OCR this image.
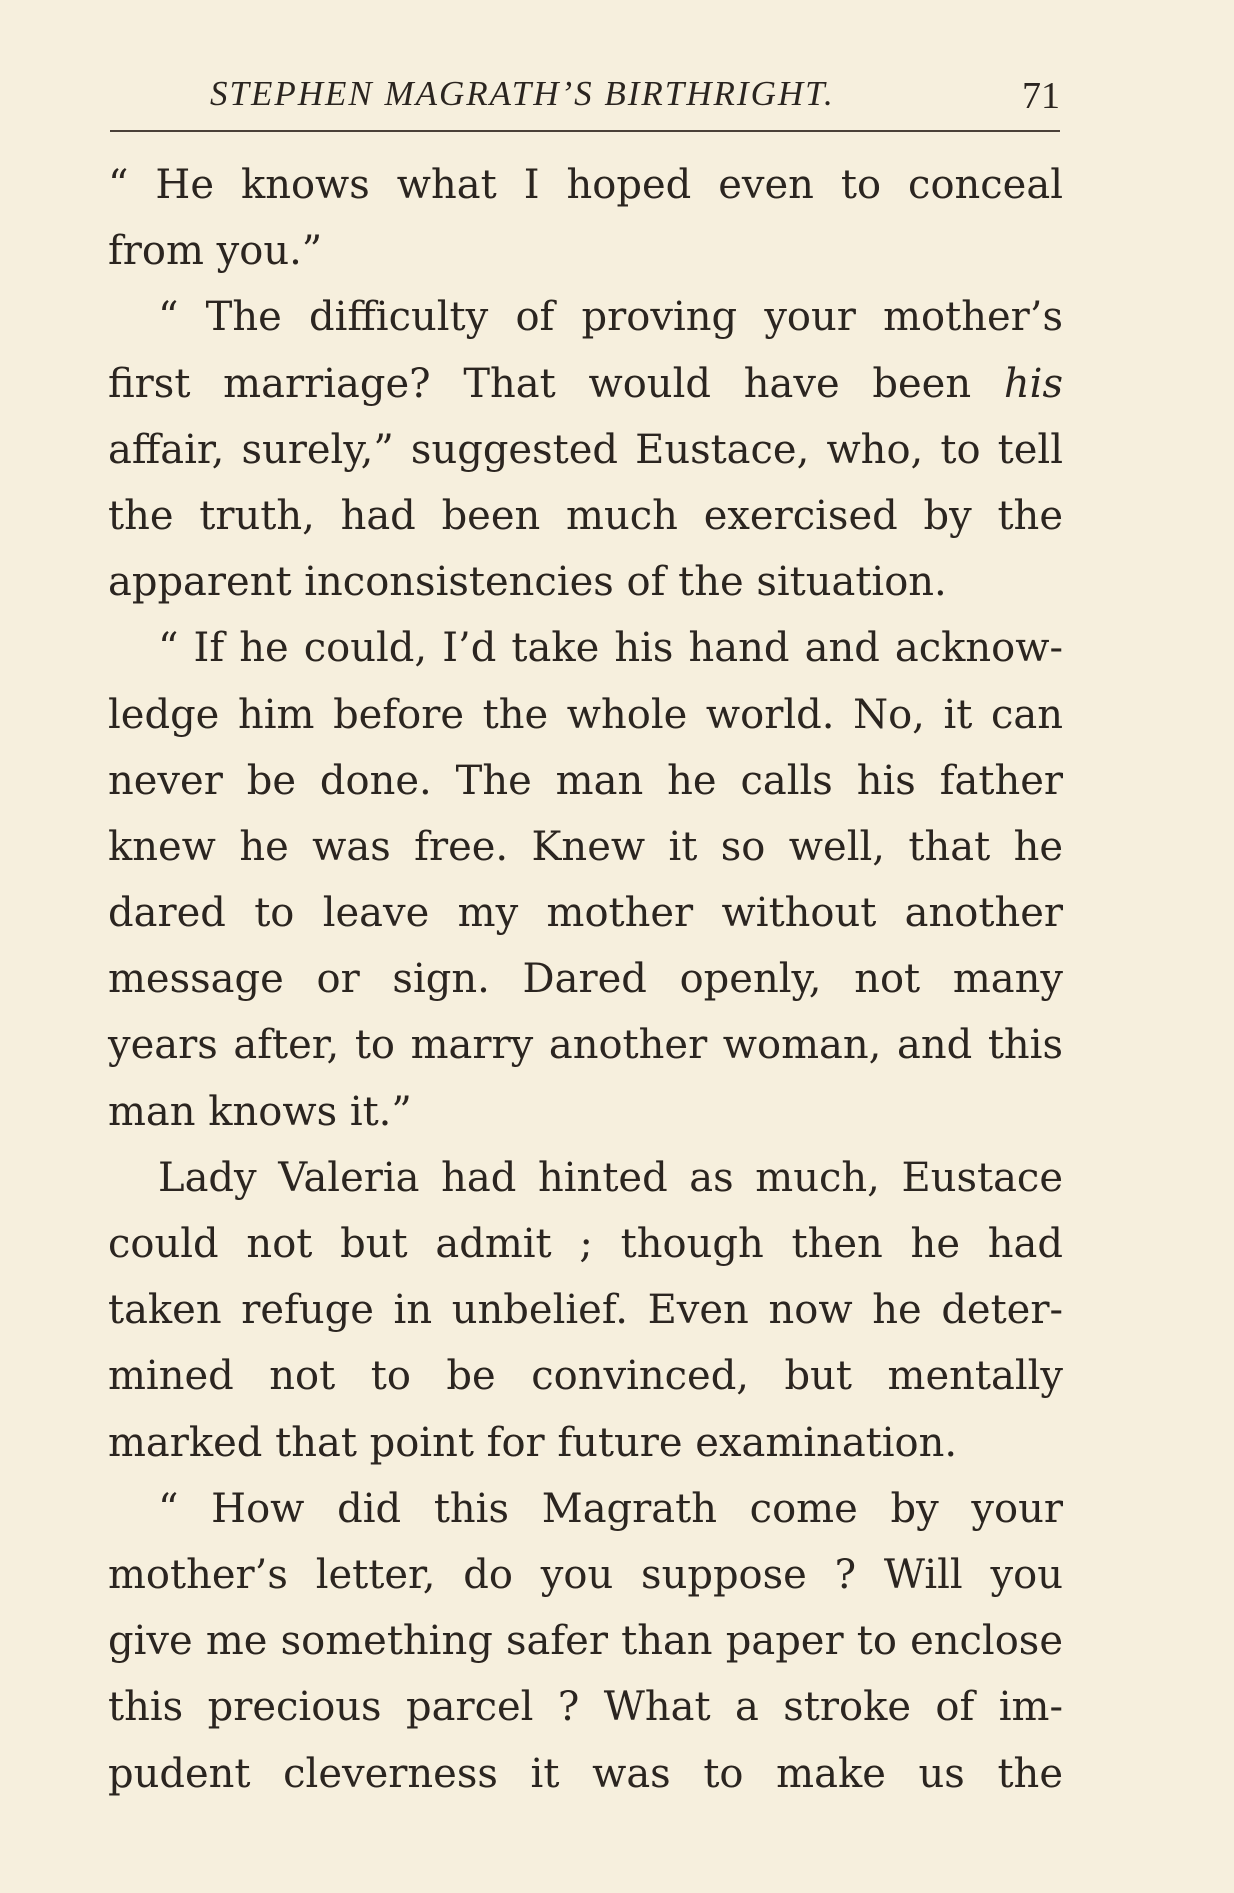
STEPHEN MAGRATH’S BIRTHRIGHT.	71
“ He knows what I hoped even to conceal
from you.”
“ The difficulty of proving your mother’s
first marriage? That would have been his
affair, surely,” suggested Eustace, who, to tell
the truth, had been much exercised by the
apparent inconsistencies of the situation.
“ If he could, I’d take his hand and acknow-
ledge him before the whole world. No, it can
never be done. The man he calls his father
knew he was free. Knew it so well, that he
dared to leave my mother without another
message or sign. Dared openly, not many
years after, to marry another woman, and this
man knows it.”
Lady Valeria had hinted as much, Eustace
could not but admit ; though then he had
taken refuge in unbelief. Even now he deter-
mined not to be convinced, but mentally
marked that point for future examination.
“ How did this Magrath come by your
mother’s letter, do you suppose ? Will you
give me something safer than paper to enclose
this precious parcel ? What a stroke of im-
pudent cleverness it was to make us the
